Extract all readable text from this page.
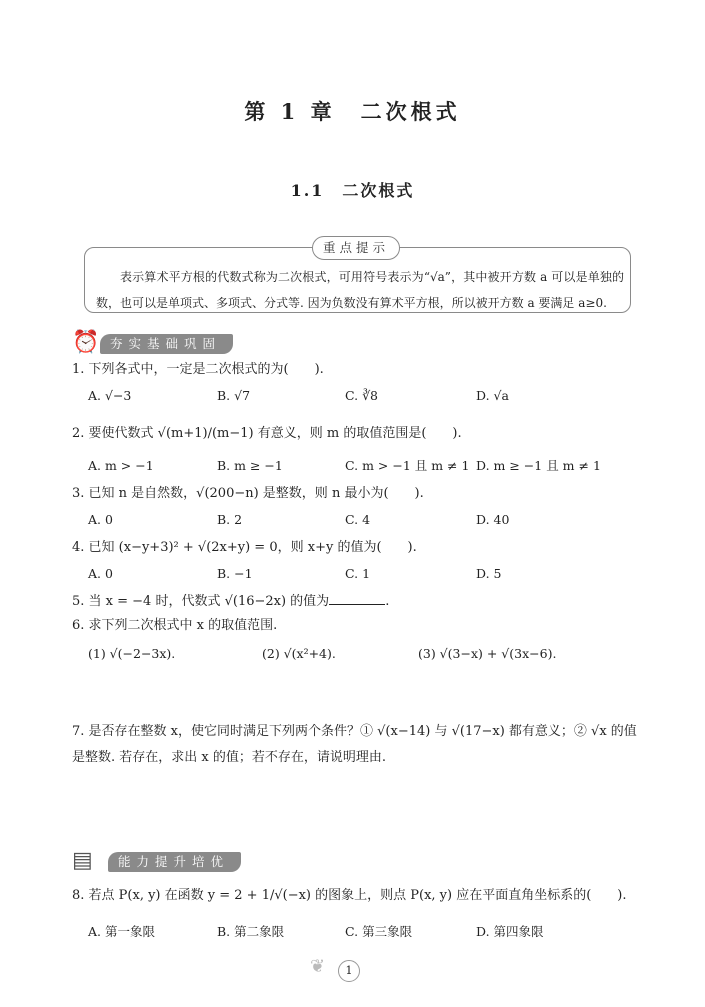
第 1 章　二次根式
1.1　二次根式
重点提示
表示算术平方根的代数式称为二次根式，可用符号表示为“√a”，其中被开方数 a 可以是单独的数，也可以是单项式、多项式、分式等. 因为负数没有算术平方根，所以被开方数 a 要满足 a≥0.
⏰ 夯实基础巩固
1. 下列各式中，一定是二次根式的为(　　).
A. √−3	B. √7	C. ∛8	D. √a
2. 要使代数式 √(m+1)/(m−1) 有意义，则 m 的取值范围是(　　).
A. m > −1	B. m ≥ −1	C. m > −1 且 m ≠ 1 D. m ≥ −1 且 m ≠ 1
3. 已知 n 是自然数，√(200−n) 是整数，则 n 最小为(　　).
A. 0	B. 2	C. 4	D. 40
4. 已知 (x−y+3)² + √(2x+y) = 0，则 x+y 的值为(　　).
A. 0	B. −1	C. 1	D. 5
5. 当 x = −4 时，代数式 √(16−2x) 的值为	.
6. 求下列二次根式中 x 的取值范围.
(1) √(−2−3x).	(2) √(x²+4).	(3) √(3−x) + √(3x−6).
7. 是否存在整数 x，使它同时满足下列两个条件？① √(x−14) 与 √(17−x) 都有意义；② √x 的值
是整数. 若存在，求出 x 的值；若不存在，请说明理由.
▤	能力提升培优
8. 若点 P(x, y) 在函数 y = 2 + 1/√(−x) 的图象上，则点 P(x, y) 应在平面直角坐标系的(　　).
A. 第一象限	B. 第二象限	C. 第三象限	D. 第四象限
❦	1
